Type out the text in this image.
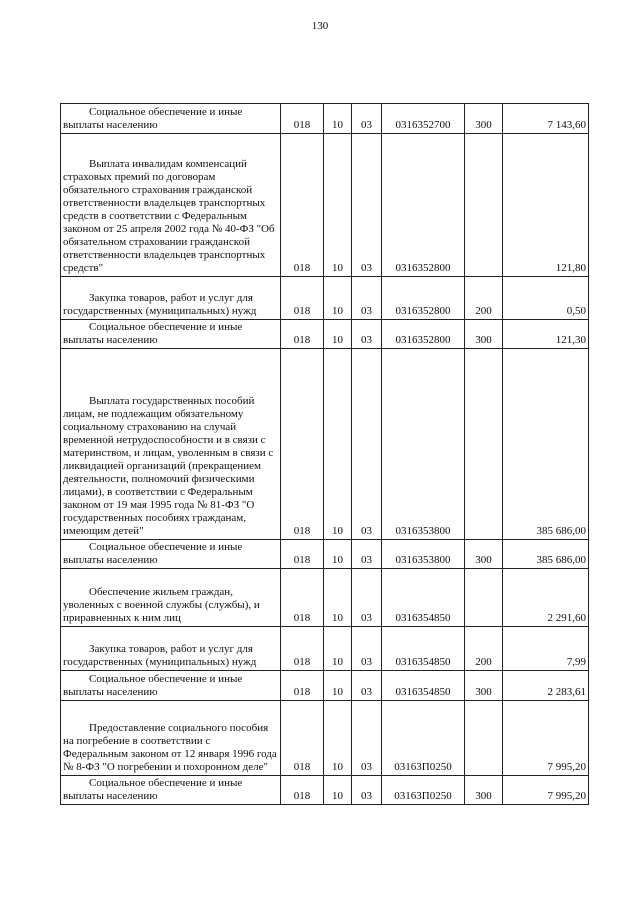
130
Социальное обеспечение и иные выплаты населению	018	10	03	0316352700	300	7 143,60

Выплата инвалидам компенсаций страховых премий по договорам обязательного страхования гражданской ответственности владельцев транспортных средств в соответствии с Федеральным законом от 25 апреля 2002 года № 40-ФЗ "Об обязательном страховании гражданской ответственности владельцев транспортных средств"	018	10	03	0316352800		121,80

Закупка товаров, работ и услуг для государственных (муниципальных) нужд	018	10	03	0316352800	200	0,50

Социальное обеспечение и иные выплаты населению	018	10	03	0316352800	300	121,30

Выплата государственных пособий лицам, не подлежащим обязательному социальному страхованию на случай временной нетрудоспособности и в связи с материнством, и лицам, уволенным в связи с ликвидацией организаций (прекращением деятельности, полномочий физическими лицами), в соответствии с Федеральным законом от 19 мая 1995 года № 81-ФЗ "О государственных пособиях гражданам, имеющим детей"	018	10	03	0316353800		385 686,00

Социальное обеспечение и иные выплаты населению	018	10	03	0316353800	300	385 686,00

Обеспечение жильем граждан, уволенных с военной службы (службы), и приравненных к ним лиц	018	10	03	0316354850		2 291,60

Закупка товаров, работ и услуг для государственных (муниципальных) нужд	018	10	03	0316354850	200	7,99

Социальное обеспечение и иные выплаты населению	018	10	03	0316354850	300	2 283,61

Предоставление социального пособия на погребение в соответствии с Федеральным законом от 12 января 1996 года № 8-ФЗ "О погребении и похоронном деле"	018	10	03	03163П0250		7 995,20

Социальное обеспечение и иные выплаты населению	018	10	03	03163П0250	300	7 995,20
